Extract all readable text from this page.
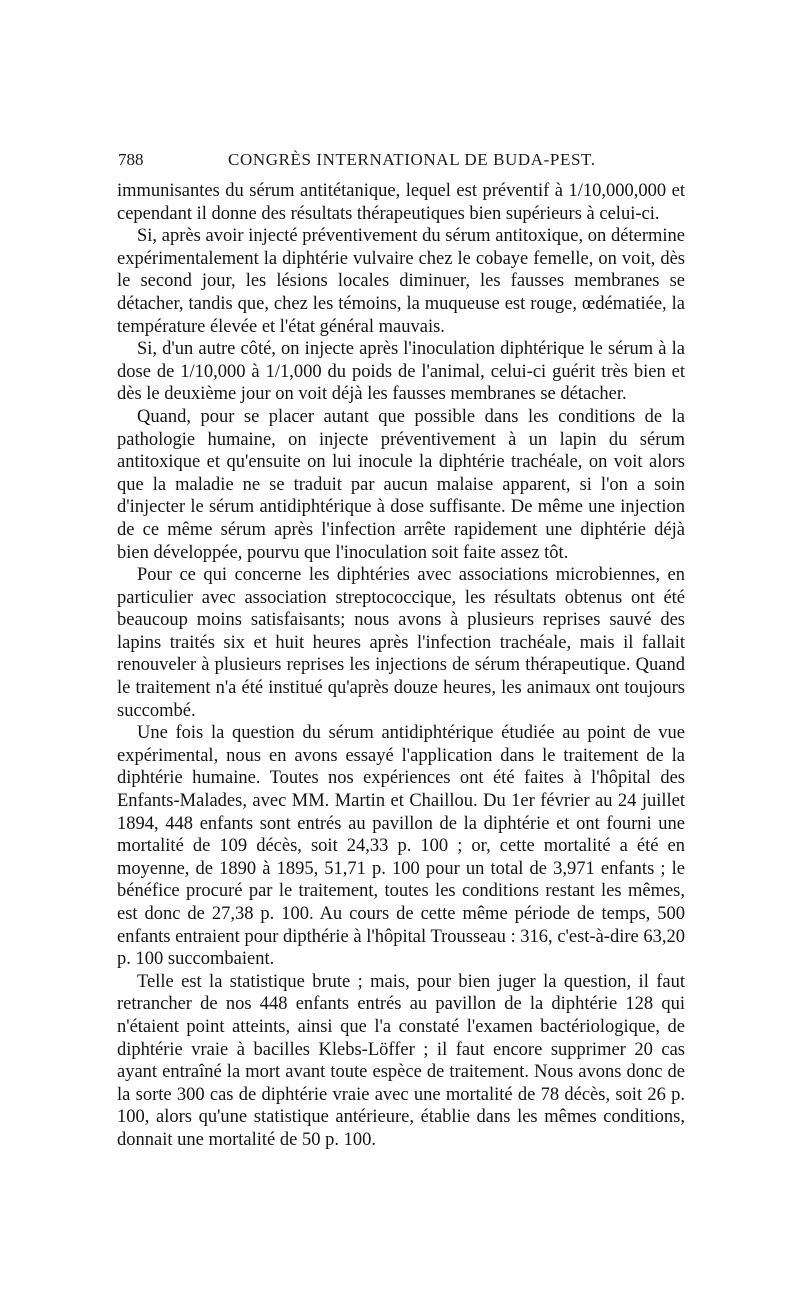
788	CONGRÈS INTERNATIONAL DE BUDA-PEST.

immunisantes du sérum antitétanique, lequel est préventif à 1/10,000,000 et cependant il donne des résultats thérapeutiques bien supérieurs à celui-ci.

Si, après avoir injecté préventivement du sérum antitoxique, on détermine expérimentalement la diphtérie vulvaire chez le cobaye femelle, on voit, dès le second jour, les lésions locales diminuer, les fausses membranes se détacher, tandis que, chez les témoins, la muqueuse est rouge, œdématiée, la température élevée et l'état général mauvais.

Si, d'un autre côté, on injecte après l'inoculation diphtérique le sérum à la dose de 1/10,000 à 1/1,000 du poids de l'animal, celui-ci guérit très bien et dès le deuxième jour on voit déjà les fausses membranes se détacher.

Quand, pour se placer autant que possible dans les conditions de la pathologie humaine, on injecte préventivement à un lapin du sérum antitoxique et qu'ensuite on lui inocule la diphtérie trachéale, on voit alors que la maladie ne se traduit par aucun malaise apparent, si l'on a soin d'injecter le sérum antidiphtérique à dose suffisante. De même une injection de ce même sérum après l'infection arrête rapidement une diphtérie déjà bien développée, pourvu que l'inoculation soit faite assez tôt.

Pour ce qui concerne les diphtéries avec associations microbiennes, en particulier avec association streptococcique, les résultats obtenus ont été beaucoup moins satisfaisants; nous avons à plusieurs reprises sauvé des lapins traités six et huit heures après l'infection trachéale, mais il fallait renouveler à plusieurs reprises les injections de sérum thérapeutique. Quand le traitement n'a été institué qu'après douze heures, les animaux ont toujours succombé.

Une fois la question du sérum antidiphtérique étudiée au point de vue expérimental, nous en avons essayé l'application dans le traitement de la diphtérie humaine. Toutes nos expériences ont été faites à l'hôpital des Enfants-Malades, avec MM. Martin et Chaillou. Du 1er février au 24 juillet 1894, 448 enfants sont entrés au pavillon de la diphtérie et ont fourni une mortalité de 109 décès, soit 24,33 p. 100 ; or, cette mortalité a été en moyenne, de 1890 à 1895, 51,71 p. 100 pour un total de 3,971 enfants ; le bénéfice procuré par le traitement, toutes les conditions restant les mêmes, est donc de 27,38 p. 100. Au cours de cette même période de temps, 500 enfants entraient pour dipthérie à l'hôpital Trousseau : 316, c'est-à-dire 63,20 p. 100 succombaient.

Telle est la statistique brute ; mais, pour bien juger la question, il faut retrancher de nos 448 enfants entrés au pavillon de la diphtérie 128 qui n'étaient point atteints, ainsi que l'a constaté l'examen bactériologique, de diphtérie vraie à bacilles Klebs-Löffer ; il faut encore supprimer 20 cas ayant entraîné la mort avant toute espèce de traitement. Nous avons donc de la sorte 300 cas de diphtérie vraie avec une mortalité de 78 décès, soit 26 p. 100, alors qu'une statistique antérieure, établie dans les mêmes conditions, donnait une mortalité de 50 p. 100.
